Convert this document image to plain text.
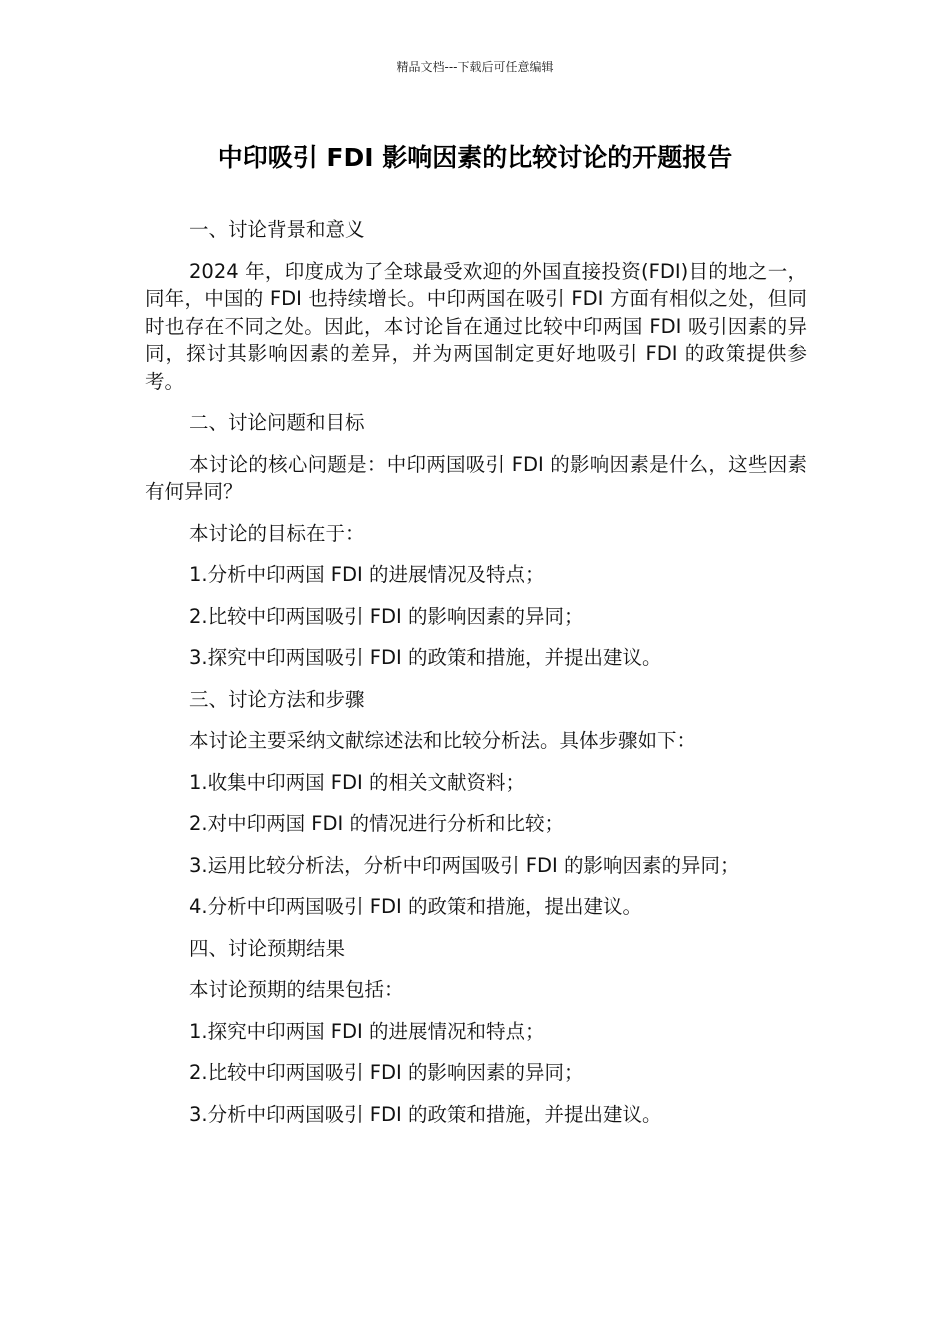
精品文档---下载后可任意编辑
中印吸引 FDI 影响因素的比较讨论的开题报告

一、讨论背景和意义

2024 年，印度成为了全球最受欢迎的外国直接投资(FDI)目的地之一，同年，中国的 FDI 也持续增长。中印两国在吸引 FDI 方面有相似之处，但同时也存在不同之处。因此，本讨论旨在通过比较中印两国 FDI 吸引因素的异同，探讨其影响因素的差异，并为两国制定更好地吸引 FDI 的政策提供参考。

二、讨论问题和目标

本讨论的核心问题是：中印两国吸引 FDI 的影响因素是什么，这些因素有何异同？

本讨论的目标在于：

1.分析中印两国 FDI 的进展情况及特点；

2.比较中印两国吸引 FDI 的影响因素的异同；

3.探究中印两国吸引 FDI 的政策和措施，并提出建议。

三、讨论方法和步骤

本讨论主要采纳文献综述法和比较分析法。具体步骤如下：

1.收集中印两国 FDI 的相关文献资料；

2.对中印两国 FDI 的情况进行分析和比较；

3.运用比较分析法，分析中印两国吸引 FDI 的影响因素的异同；

4.分析中印两国吸引 FDI 的政策和措施，提出建议。

四、讨论预期结果

本讨论预期的结果包括：

1.探究中印两国 FDI 的进展情况和特点；

2.比较中印两国吸引 FDI 的影响因素的异同；

3.分析中印两国吸引 FDI 的政策和措施，并提出建议。
